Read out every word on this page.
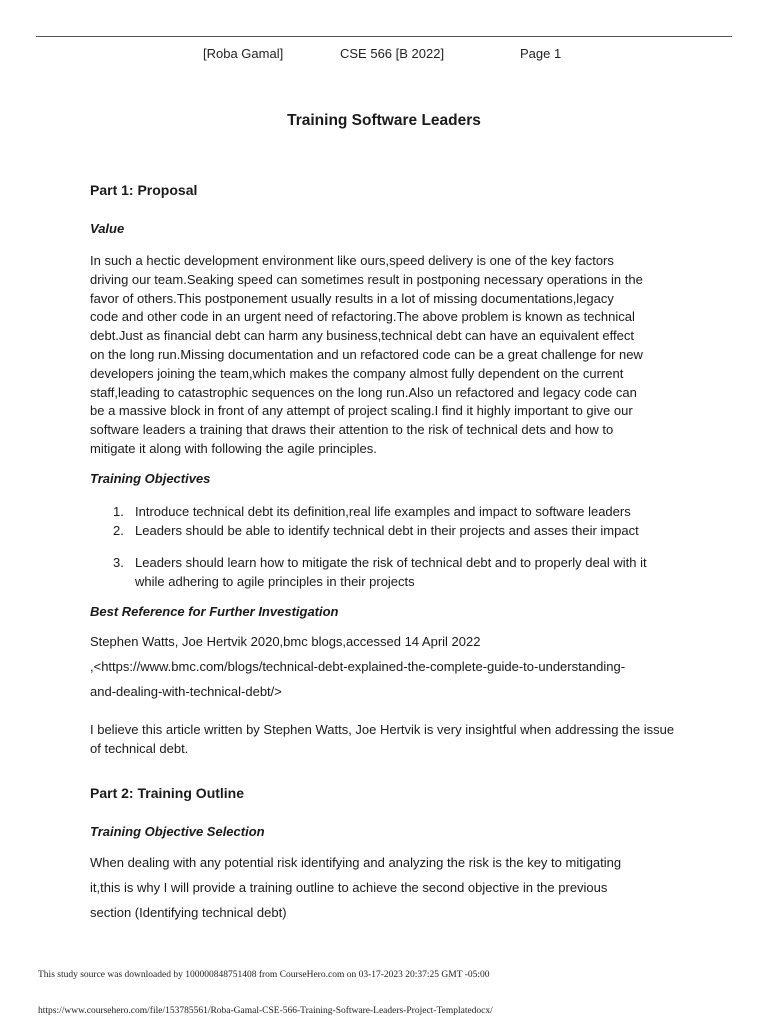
[Roba Gamal]	CSE 566 [B 2022]	Page 1
Training Software Leaders
Part 1: Proposal
Value
In such a hectic development environment like ours,speed delivery is one of the key factors
driving our team.Seaking speed can sometimes result in postponing necessary operations in the
favor of others.This postponement usually results in a lot of missing documentations,legacy
code and other code in an urgent need of refactoring.The above problem is known as technical
debt.Just as financial debt can harm any business,technical debt can have an equivalent effect
on the long run.Missing documentation and un refactored code can be a great challenge for new
developers joining the team,which makes the company almost fully dependent on the current
staff,leading to catastrophic sequences on the long run.Also un refactored and legacy code can
be a massive block in front of any attempt of project scaling.I find it highly important to give our
software leaders a training that draws their attention to the risk of technical dets and how to
mitigate it along with following the agile principles.
Training Objectives
1. Introduce technical debt its definition,real life examples and impact to software leaders
2. Leaders should be able to identify technical debt in their projects and asses their impact
3. Leaders should learn how to mitigate the risk of technical debt and to properly deal with it while adhering to agile principles in their projects
Best Reference for Further Investigation
Stephen Watts, Joe Hertvik 2020,bmc blogs,accessed 14 April 2022
,<https://www.bmc.com/blogs/technical-debt-explained-the-complete-guide-to-understanding-
and-dealing-with-technical-debt/>
I believe this article written by Stephen Watts, Joe Hertvik is very insightful when addressing the issue of technical debt.
Part 2: Training Outline
Training Objective Selection
When dealing with any potential risk identifying and analyzing the risk is the key to mitigating
it,this is why I will provide a training outline to achieve the second objective in the previous
section (Identifying technical debt)
This study source was downloaded by 100000848751408 from CourseHero.com on 03-17-2023 20:37:25 GMT -05:00
https://www.coursehero.com/file/153785561/Roba-Gamal-CSE-566-Training-Software-Leaders-Project-Templatedocx/
